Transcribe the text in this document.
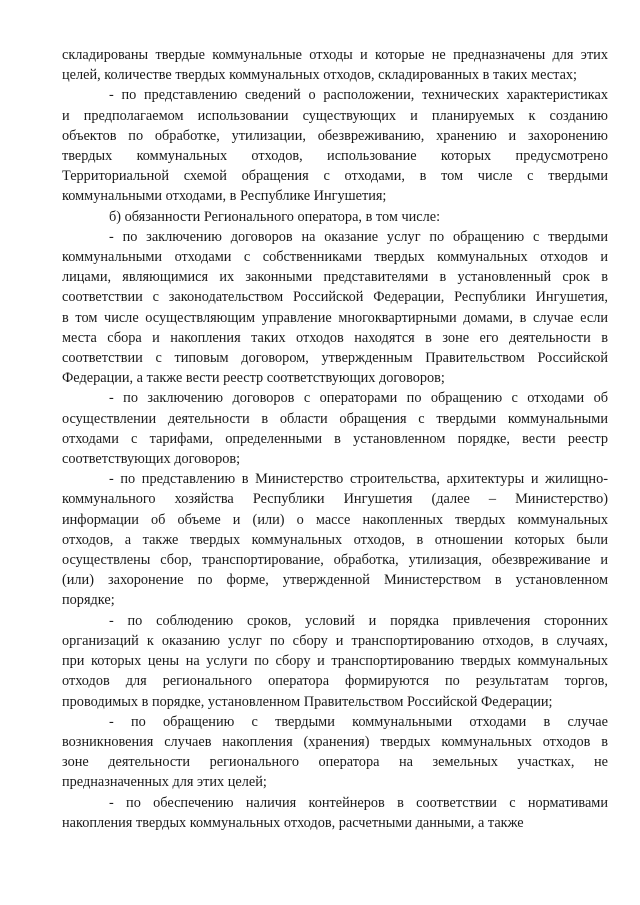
складированы твердые коммунальные отходы и которые не предназначены для этих
целей, количестве твердых коммунальных отходов, складированных в таких местах;
- по представлению сведений о расположении, технических характеристиках
и предполагаемом использовании существующих и планируемых к созданию
объектов по обработке, утилизации, обезвреживанию, хранению и захоронению
твердых коммунальных отходов, использование которых предусмотрено
Территориальной схемой обращения с отходами, в том числе с твердыми
коммунальными отходами, в Республике Ингушетия;
б) обязанности Регионального оператора, в том числе:
- по заключению договоров на оказание услуг по обращению с твердыми
коммунальными отходами с собственниками твердых коммунальных отходов и
лицами, являющимися их законными представителями в установленный срок в
соответствии с законодательством Российской Федерации, Республики Ингушетия,
в том числе осуществляющим управление многоквартирными домами, в случае если
места сбора и накопления таких отходов находятся в зоне его деятельности в
соответствии с типовым договором, утвержденным Правительством Российской
Федерации, а также вести реестр соответствующих договоров;
- по заключению договоров с операторами по обращению с отходами об
осуществлении деятельности в области обращения с твердыми коммунальными
отходами с тарифами, определенными в установленном порядке, вести реестр
соответствующих договоров;
- по представлению в Министерство строительства, архитектуры и жилищно-
коммунального хозяйства Республики Ингушетия (далее – Министерство)
информации об объеме и (или) о массе накопленных твердых коммунальных
отходов, а также твердых коммунальных отходов, в отношении которых были
осуществлены сбор, транспортирование, обработка, утилизация, обезвреживание и
(или) захоронение по форме, утвержденной Министерством в установленном
порядке;
- по соблюдению сроков, условий и порядка привлечения сторонних
организаций к оказанию услуг по сбору и транспортированию отходов, в случаях,
при которых цены на услуги по сбору и транспортированию твердых коммунальных
отходов для регионального оператора формируются по результатам торгов,
проводимых в порядке, установленном Правительством Российской Федерации;
- по обращению с твердыми коммунальными отходами в случае
возникновения случаев накопления (хранения) твердых коммунальных отходов в
зоне деятельности регионального оператора на земельных участках, не
предназначенных для этих целей;
- по обеспечению наличия контейнеров в соответствии с нормативами
накопления твердых коммунальных отходов, расчетными данными, а также
